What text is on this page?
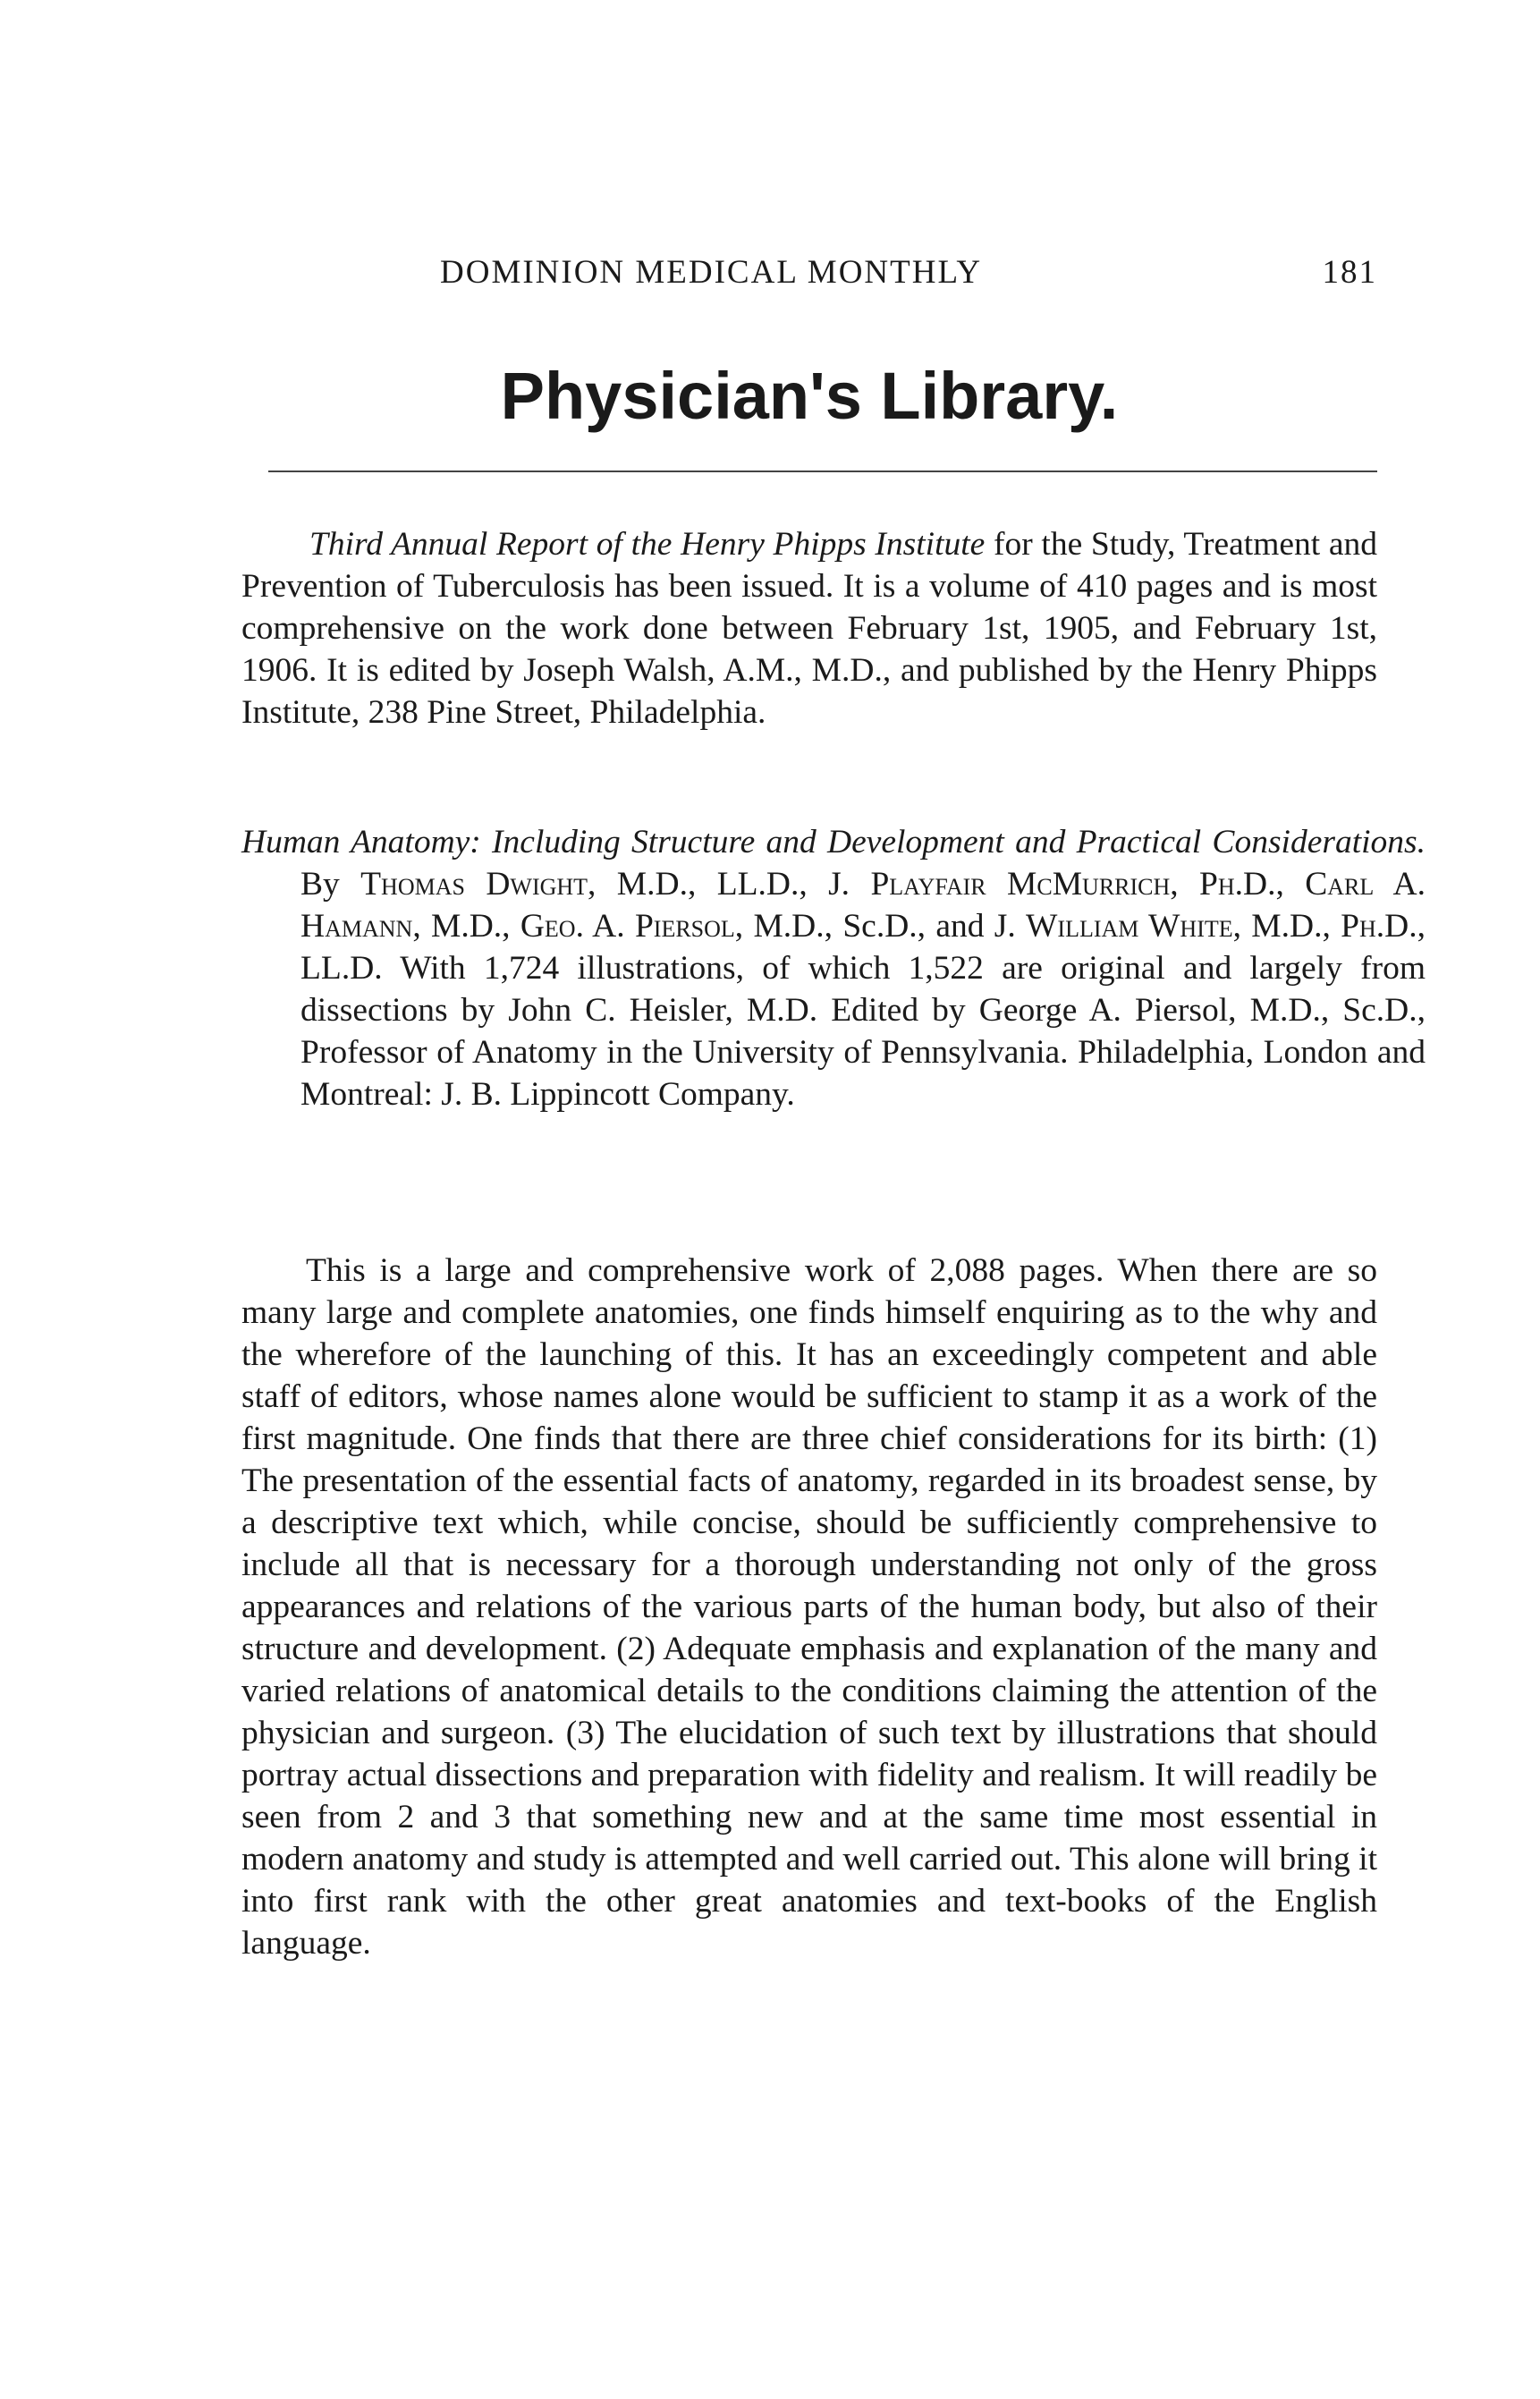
DOMINION MEDICAL MONTHLY	181
Physician's Library.
Third Annual Report of the Henry Phipps Institute for the Study, Treatment and Prevention of Tuberculosis has been issued. It is a volume of 410 pages and is most comprehensive on the work done between February 1st, 1905, and February 1st, 1906. It is edited by Joseph Walsh, A.M., M.D., and published by the Henry Phipps Institute, 238 Pine Street, Philadelphia.
Human Anatomy: Including Structure and Development and Practical Considerations. By Thomas Dwight, M.D., LL.D., J. Playfair McMurrich, Ph.D., Carl A. Hamann, M.D., Geo. A. Piersol, M.D., Sc.D., and J. William White, M.D., Ph.D., LL.D. With 1,724 illustrations, of which 1,522 are original and largely from dissections by John C. Heisler, M.D. Edited by George A. Piersol, M.D., Sc.D., Professor of Anatomy in the University of Pennsylvania. Philadelphia, London and Montreal: J. B. Lippincott Company.
This is a large and comprehensive work of 2,088 pages. When there are so many large and complete anatomies, one finds himself enquiring as to the why and the wherefore of the launching of this. It has an exceedingly competent and able staff of editors, whose names alone would be sufficient to stamp it as a work of the first magnitude. One finds that there are three chief considerations for its birth: (1) The presentation of the essential facts of anatomy, regarded in its broadest sense, by a descriptive text which, while concise, should be sufficiently comprehensive to include all that is necessary for a thorough understanding not only of the gross appearances and relations of the various parts of the human body, but also of their structure and development. (2) Adequate emphasis and explanation of the many and varied relations of anatomical details to the conditions claiming the attention of the physician and surgeon. (3) The elucidation of such text by illustrations that should portray actual dissections and preparation with fidelity and realism. It will readily be seen from 2 and 3 that something new and at the same time most essential in modern anatomy and study is attempted and well carried out. This alone will bring it into first rank with the other great anatomies and text-books of the English language.
